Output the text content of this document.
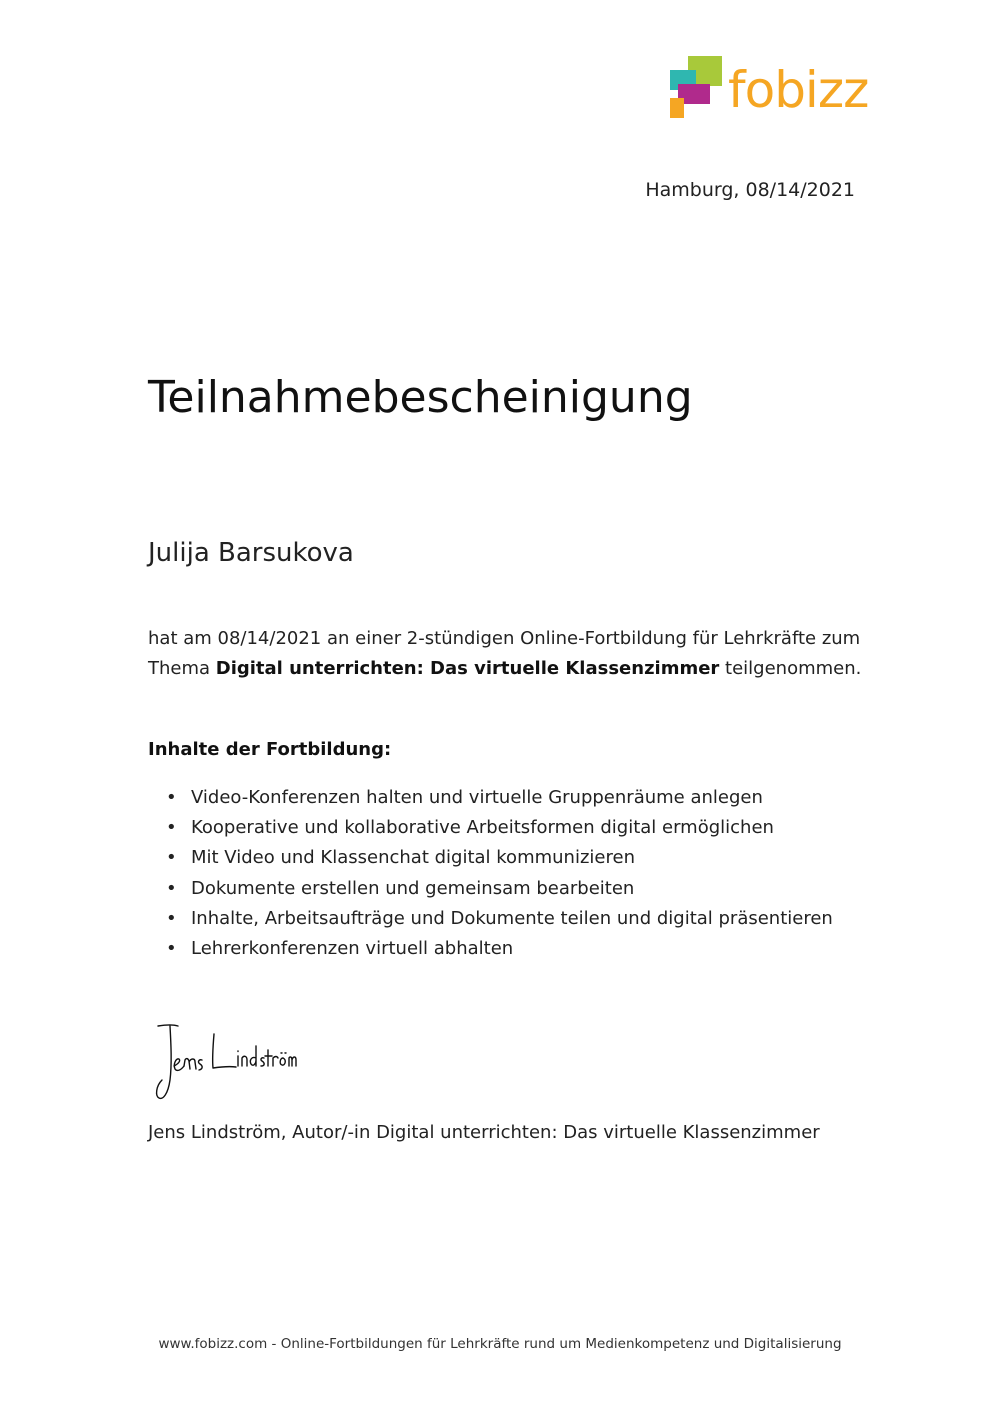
fobizz
Hamburg, 08/14/2021
Teilnahmebescheinigung
Julija Barsukova
hat am 08/14/2021 an einer 2-stündigen Online-Fortbildung für Lehrkräfte zum Thema Digital unterrichten: Das virtuelle Klassenzimmer teilgenommen.
Inhalte der Fortbildung:
• Video-Konferenzen halten und virtuelle Gruppenräume anlegen
• Kooperative und kollaborative Arbeitsformen digital ermöglichen
• Mit Video und Klassenchat digital kommunizieren
• Dokumente erstellen und gemeinsam bearbeiten
• Inhalte, Arbeitsaufträge und Dokumente teilen und digital präsentieren
• Lehrerkonferenzen virtuell abhalten
Jens Lindström, Autor/-in Digital unterrichten: Das virtuelle Klassenzimmer
www.fobizz.com - Online-Fortbildungen für Lehrkräfte rund um Medienkompetenz und Digitalisierung
